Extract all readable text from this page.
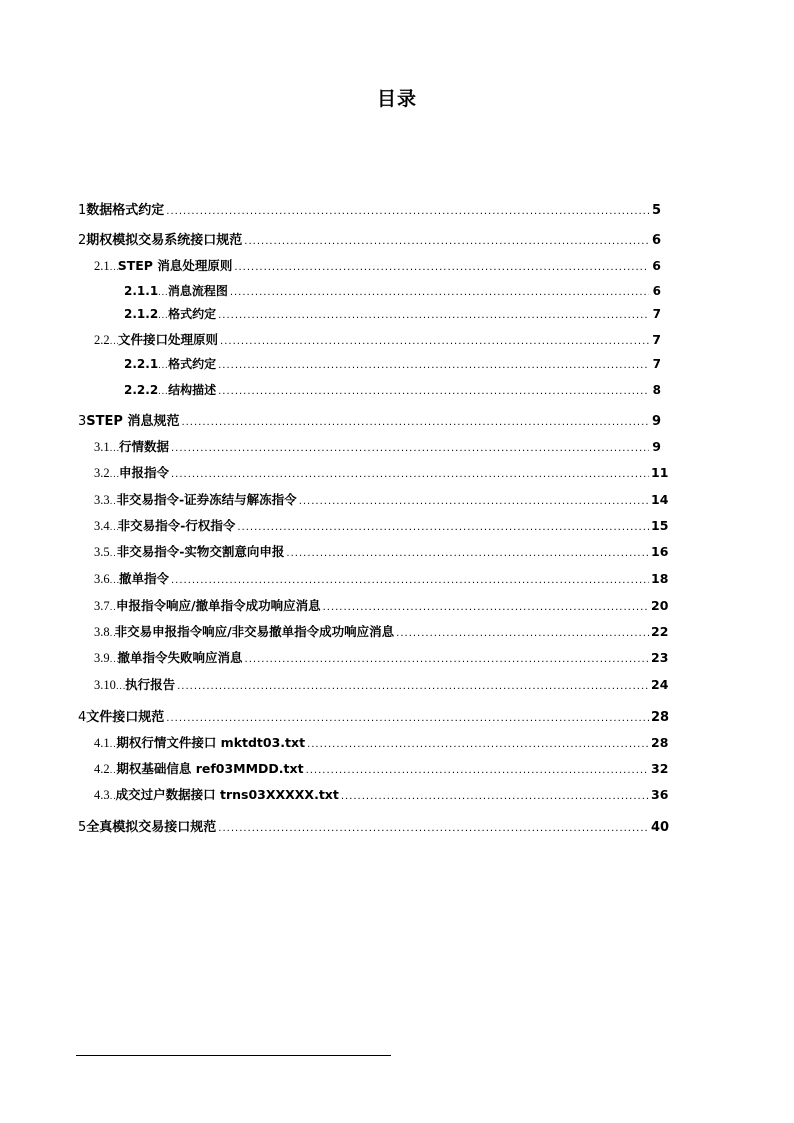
目录
1 数据格式约定 .....	5
2 期权模拟交易系统接口规范 .....	6
2.1 ..... STEP 消息处理原则 .....	6
2.1.1 ..... 消息流程图 .....	6
2.1.2 ..... 格式约定 .....	7
2.2 ..... 文件接口处理原则 .....	7
2.2.1 ..... 格式约定 .....	7
2.2.2 ..... 结构描述 .....	8
3 STEP 消息规范 .....	9
3.1 ..... 行情数据 .....	9
3.2 ..... 申报指令 .....	11
3.3 ..... 非交易指令-证券冻结与解冻指令 .....	14
3.4 ..... 非交易指令-行权指令 .....	15
3.5 ..... 非交易指令-实物交割意向申报 .....	16
3.6 ..... 撤单指令 .....	18
3.7 ..... 申报指令响应/撤单指令成功响应消息 .....	20
3.8 ..... 非交易申报指令响应/非交易撤单指令成功响应消息 .....	22
3.9 ..... 撤单指令失败响应消息 .....	23
3.10 ..... 执行报告 .....	24
4 文件接口规范 .....	28
4.1 ..... 期权行情文件接口 mktdt03.txt .....	28
4.2 ..... 期权基础信息 ref03MMDD.txt .....	32
4.3 ..... 成交过户数据接口 trns03XXXXX.txt .....	36
5 全真模拟交易接口规范 .....	40
